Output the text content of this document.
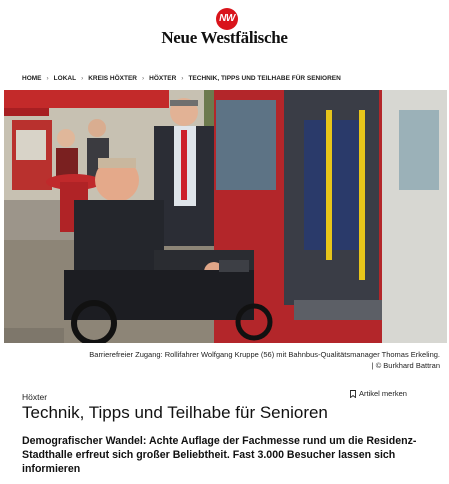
NW
Neue Westfälische
HOME › LOKAL › KREIS HÖXTER › HÖXTER › TECHNIK, TIPPS UND TEILHABE FÜR SENIOREN
Barrierefreier Zugang: Rollifahrer Wolfgang Kruppe (56) mit Bahnbus-Qualitätsmanager Thomas Erkeling.
| © Burkhard Battran
Höxter	Artikel merken
Technik, Tipps und Teilhabe für Senioren

Demografischer Wandel: Achte Auflage der Fachmesse rund um die Residenz-Stadthalle erfreut sich großer Beliebtheit. Fast 3.000 Besucher lassen sich informieren
